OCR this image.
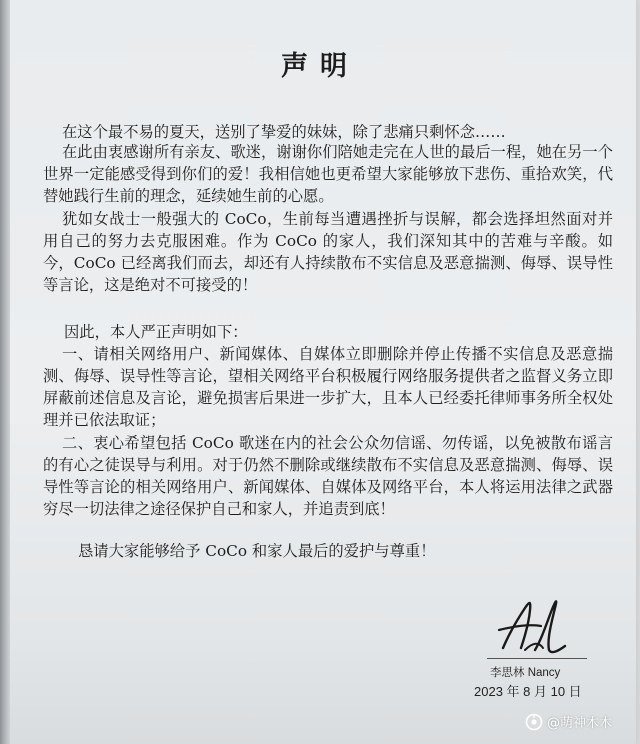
声明
在这个最不易的夏天，送别了挚爱的妹妹，除了悲痛只剩怀念……
在此由衷感谢所有亲友、歌迷，谢谢你们陪她走完在人世的最后一程，她在另一个世界一定能感受得到你们的爱！我相信她也更希望大家能够放下悲伤、重拾欢笑，代替她践行生前的理念，延续她生前的心愿。
犹如女战士一般强大的 CoCo，生前每当遭遇挫折与误解，都会选择坦然面对并用自己的努力去克服困难。作为 CoCo 的家人，我们深知其中的苦难与辛酸。如今，CoCo 已经离我们而去，却还有人持续散布不实信息及恶意揣测、侮辱、误导性等言论，这是绝对不可接受的！
因此，本人严正声明如下：
一、请相关网络用户、新闻媒体、自媒体立即删除并停止传播不实信息及恶意揣测、侮辱、误导性等言论，望相关网络平台积极履行网络服务提供者之监督义务立即屏蔽前述信息及言论，避免损害后果进一步扩大，且本人已经委托律师事务所全权处理并已依法取证；
二、衷心希望包括 CoCo 歌迷在内的社会公众勿信谣、勿传谣，以免被散布谣言的有心之徒误导与利用。对于仍然不删除或继续散布不实信息及恶意揣测、侮辱、误导性等言论的相关网络用户、新闻媒体、自媒体及网络平台，本人将运用法律之武器穷尽一切法律之途径保护自己和家人，并追责到底！
恳请大家能够给予 CoCo 和家人最后的爱护与尊重！
李思林 Nancy
2023 年 8 月 10 日
@萌神木木
